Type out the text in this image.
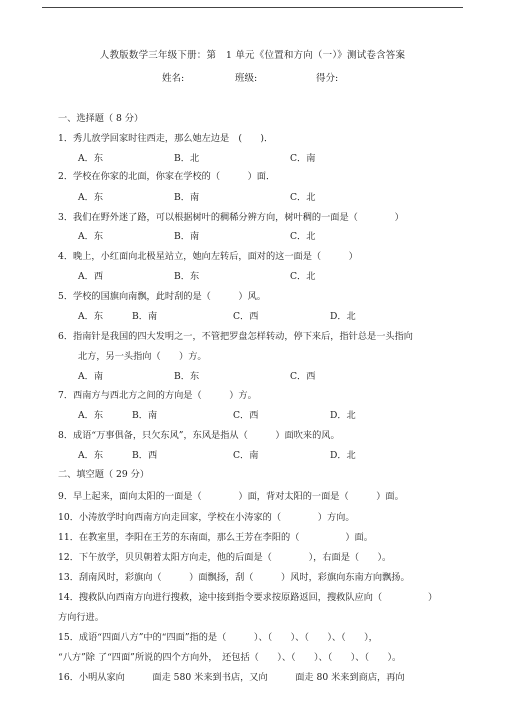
人教版数学三年级下册：第　1 单元《位置和方向（一）》测试卷含答案
姓名:	班级:	得分:
一、选择题（ 8 分）
1．秀儿放学回家时往西走，那么她左边是　(　　)．
A．东	B．北	C．南
2．学校在你家的北面，你家在学校的（　　　）面．
A．东	B．南	C．北
3．我们在野外迷了路，可以根据树叶的稠稀分辨方向，树叶稠的一面是（　　　　）
A．东	B．南	C．北
4．晚上，小红面向北极星站立，她向左转后，面对的这一面是（　　　）
A．西	B．东	C．北
5．学校的国旗向南飘，此时刮的是（　　　）风。
A．东	B．南	C．西	D．北
6．指南针是我国的四大发明之一，不管把罗盘怎样转动，停下来后，指针总是一头指向
北方，另一头指向（　　）方。
A．南	B．东	C．西
7．西南方与西北方之间的方向是（　　　）方。
A．东	B．南	C．西	D．北
8．成语“万事俱备，只欠东风”，东风是指从（　　　）面吹来的风。
A．东	B．西	C．南	D．北
二、填空题（ 29 分）
9．早上起来，面向太阳的一面是（　　　　）面，背对太阳的一面是（　　　）面。
10．小涛放学时向西南方向走回家，学校在小涛家的（　　　　）方向。
11．在教室里，李阳在王芳的东南面，那么王芳在李阳的（　　　　　）面。
12．下午放学，贝贝朝着太阳方向走，他的后面是（　　　　），右面是（　　）。
13．刮南风时，彩旗向（　　　）面飘扬，刮（　　　）风时，彩旗向东南方向飘扬。
14．搜救队向西南方向进行搜救，途中接到指令要求按原路返回，搜救队应向（　　　　　）
方向行进。
15．成语“四面八方”中的“四面”指的是（　　　）、（　　）、（　　）、（　　），
“八方”除 了“四面”所说的四个方向外，　还包括（　　）、（　　）、（　　）、（　　）。
16．小明从家向　　　面走 580 米来到书店，又向　　　面走 80 米来到商店，再向
